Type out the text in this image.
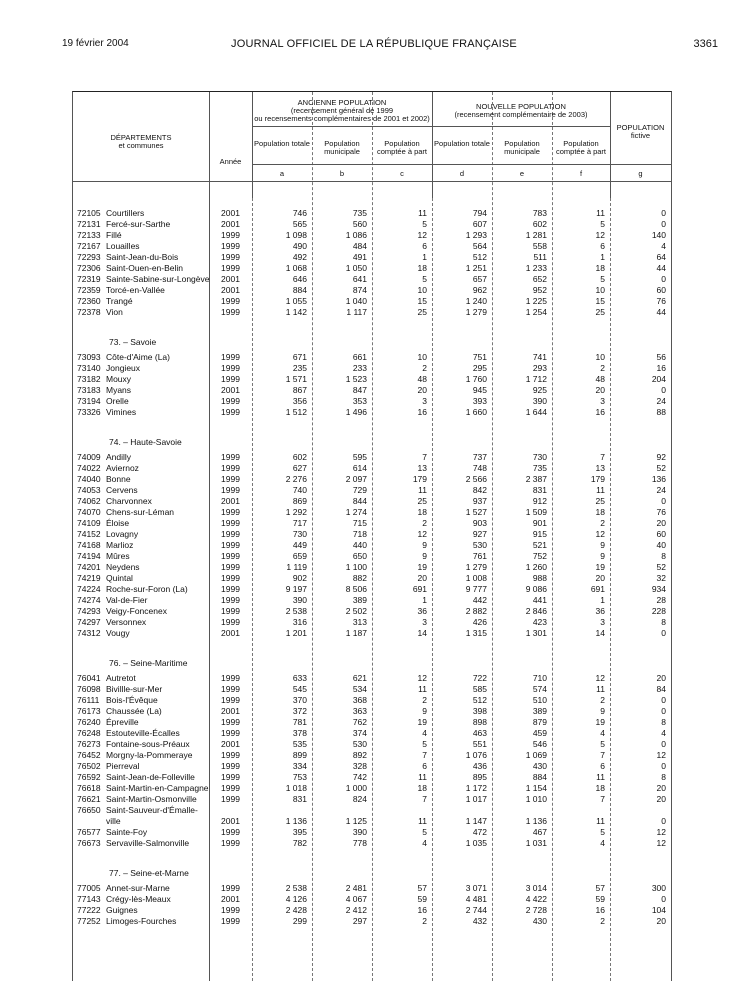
19 février 2004	JOURNAL OFFICIEL DE LA RÉPUBLIQUE FRANÇAISE	3361
DÉPARTEMENTS
et communes
Année
ANCIENNE POPULATION
(recensement général de 1999
ou recensements complémentaires de 2001 et 2002)
NOUVELLE POPULATION
(recensement complémentaire de 2003)
POPULATION
fictive
Population totale	Population municipale
Population comptée à part
Population totale	Population municipale
Population comptée à part
a	b	c	d	e	f	g

72105 Courtillers	2001	746	735	11	794	783	11	0
72131 Fercé-sur-Sarthe	2001	565	560	5	607	602	5	0
72133 Fillé	1999	1 098	1 086	12	1 293	1 281	12	140
72167 Louailles	1999	490	484	6	564	558	6	4
72293 Saint-Jean-du-Bois	1999	492	491	1	512	511	1	64
72306 Saint-Ouen-en-Belin	1999	1 068	1 050	18	1 251	1 233	18	44
72319 Sainte-Sabine-sur-Longève	2001	646	641	5	657	652	5	0
72359 Torcé-en-Vallée	2001	884	874	10	962	952	10	60
72360 Trangé	1999	1 055	1 040	15	1 240	1 225	15	76
72378 Vion	1999	1 142	1 117	25	1 279	1 254	25	44
73. – Savoie								
73093 Côte-d'Aime (La)	1999	671	661	10	751	741	10	56
73140 Jongieux	1999	235	233	2	295	293	2	16
73182 Mouxy	1999	1 571	1 523	48	1 760	1 712	48	204
73183 Myans	2001	867	847	20	945	925	20	0
73194 Orelle	1999	356	353	3	393	390	3	24
73326 Vimines	1999	1 512	1 496	16	1 660	1 644	16	88
74. – Haute-Savoie								
74009 Andilly	1999	602	595	7	737	730	7	92
74022 Aviernoz	1999	627	614	13	748	735	13	52
74040 Bonne	1999	2 276	2 097	179	2 566	2 387	179	136
74053 Cervens	1999	740	729	11	842	831	11	24
74062 Charvonnex	2001	869	844	25	937	912	25	0
74070 Chens-sur-Léman	1999	1 292	1 274	18	1 527	1 509	18	76
74109 Éloise	1999	717	715	2	903	901	2	20
74152 Lovagny	1999	730	718	12	927	915	12	60
74168 Marlioz	1999	449	440	9	530	521	9	40
74194 Mûres	1999	659	650	9	761	752	9	8
74201 Neydens	1999	1 119	1 100	19	1 279	1 260	19	52
74219 Quintal	1999	902	882	20	1 008	988	20	32
74224 Roche-sur-Foron (La)	1999	9 197	8 506	691	9 777	9 086	691	934
74274 Val-de-Fier	1999	390	389	1	442	441	1	28
74293 Veigy-Foncenex	1999	2 538	2 502	36	2 882	2 846	36	228
74297 Versonnex	1999	316	313	3	426	423	3	8
74312 Vougy	2001	1 201	1 187	14	1 315	1 301	14	0
76. – Seine-Maritime								
76041 Autretot	1999	633	621	12	722	710	12	20
76098 Bivillle-sur-Mer	1999	545	534	11	585	574	11	84
76111 Bois-l'Évêque	1999	370	368	2	512	510	2	0
76173 Chaussée (La)	2001	372	363	9	398	389	9	0
76240 Épreville	1999	781	762	19	898	879	19	8
76248 Estouteville-Écalles	1999	378	374	4	463	459	4	4
76273 Fontaine-sous-Préaux	2001	535	530	5	551	546	5	0
76452 Morgny-la-Pommeraye	1999	899	892	7	1 076	1 069	7	12
76502 Pierreval	1999	334	328	6	436	430	6	0
76592 Saint-Jean-de-Folleville	1999	753	742	11	895	884	11	8
76618 Saint-Martin-en-Campagne	1999	1 018	1 000	18	1 172	1 154	18	20
76621 Saint-Martin-Osmonville	1999	831	824	7	1 017	1 010	7	20
76650 Saint-Sauveur-d'Émalle-								
ville	2001	1 136	1 125	11	1 147	1 136	11	0
76577 Sainte-Foy	1999	395	390	5	472	467	5	12
76673 Servaville-Salmonville	1999	782	778	4	1 035	1 031	4	12
77. – Seine-et-Marne								
77005 Annet-sur-Marne	1999	2 538	2 481	57	3 071	3 014	57	300
77143 Crégy-lès-Meaux	2001	4 126	4 067	59	4 481	4 422	59	0
77222 Guignes	1999	2 428	2 412	16	2 744	2 728	16	104
77252 Limoges-Fourches	1999	299	297	2	432	430	2	20
